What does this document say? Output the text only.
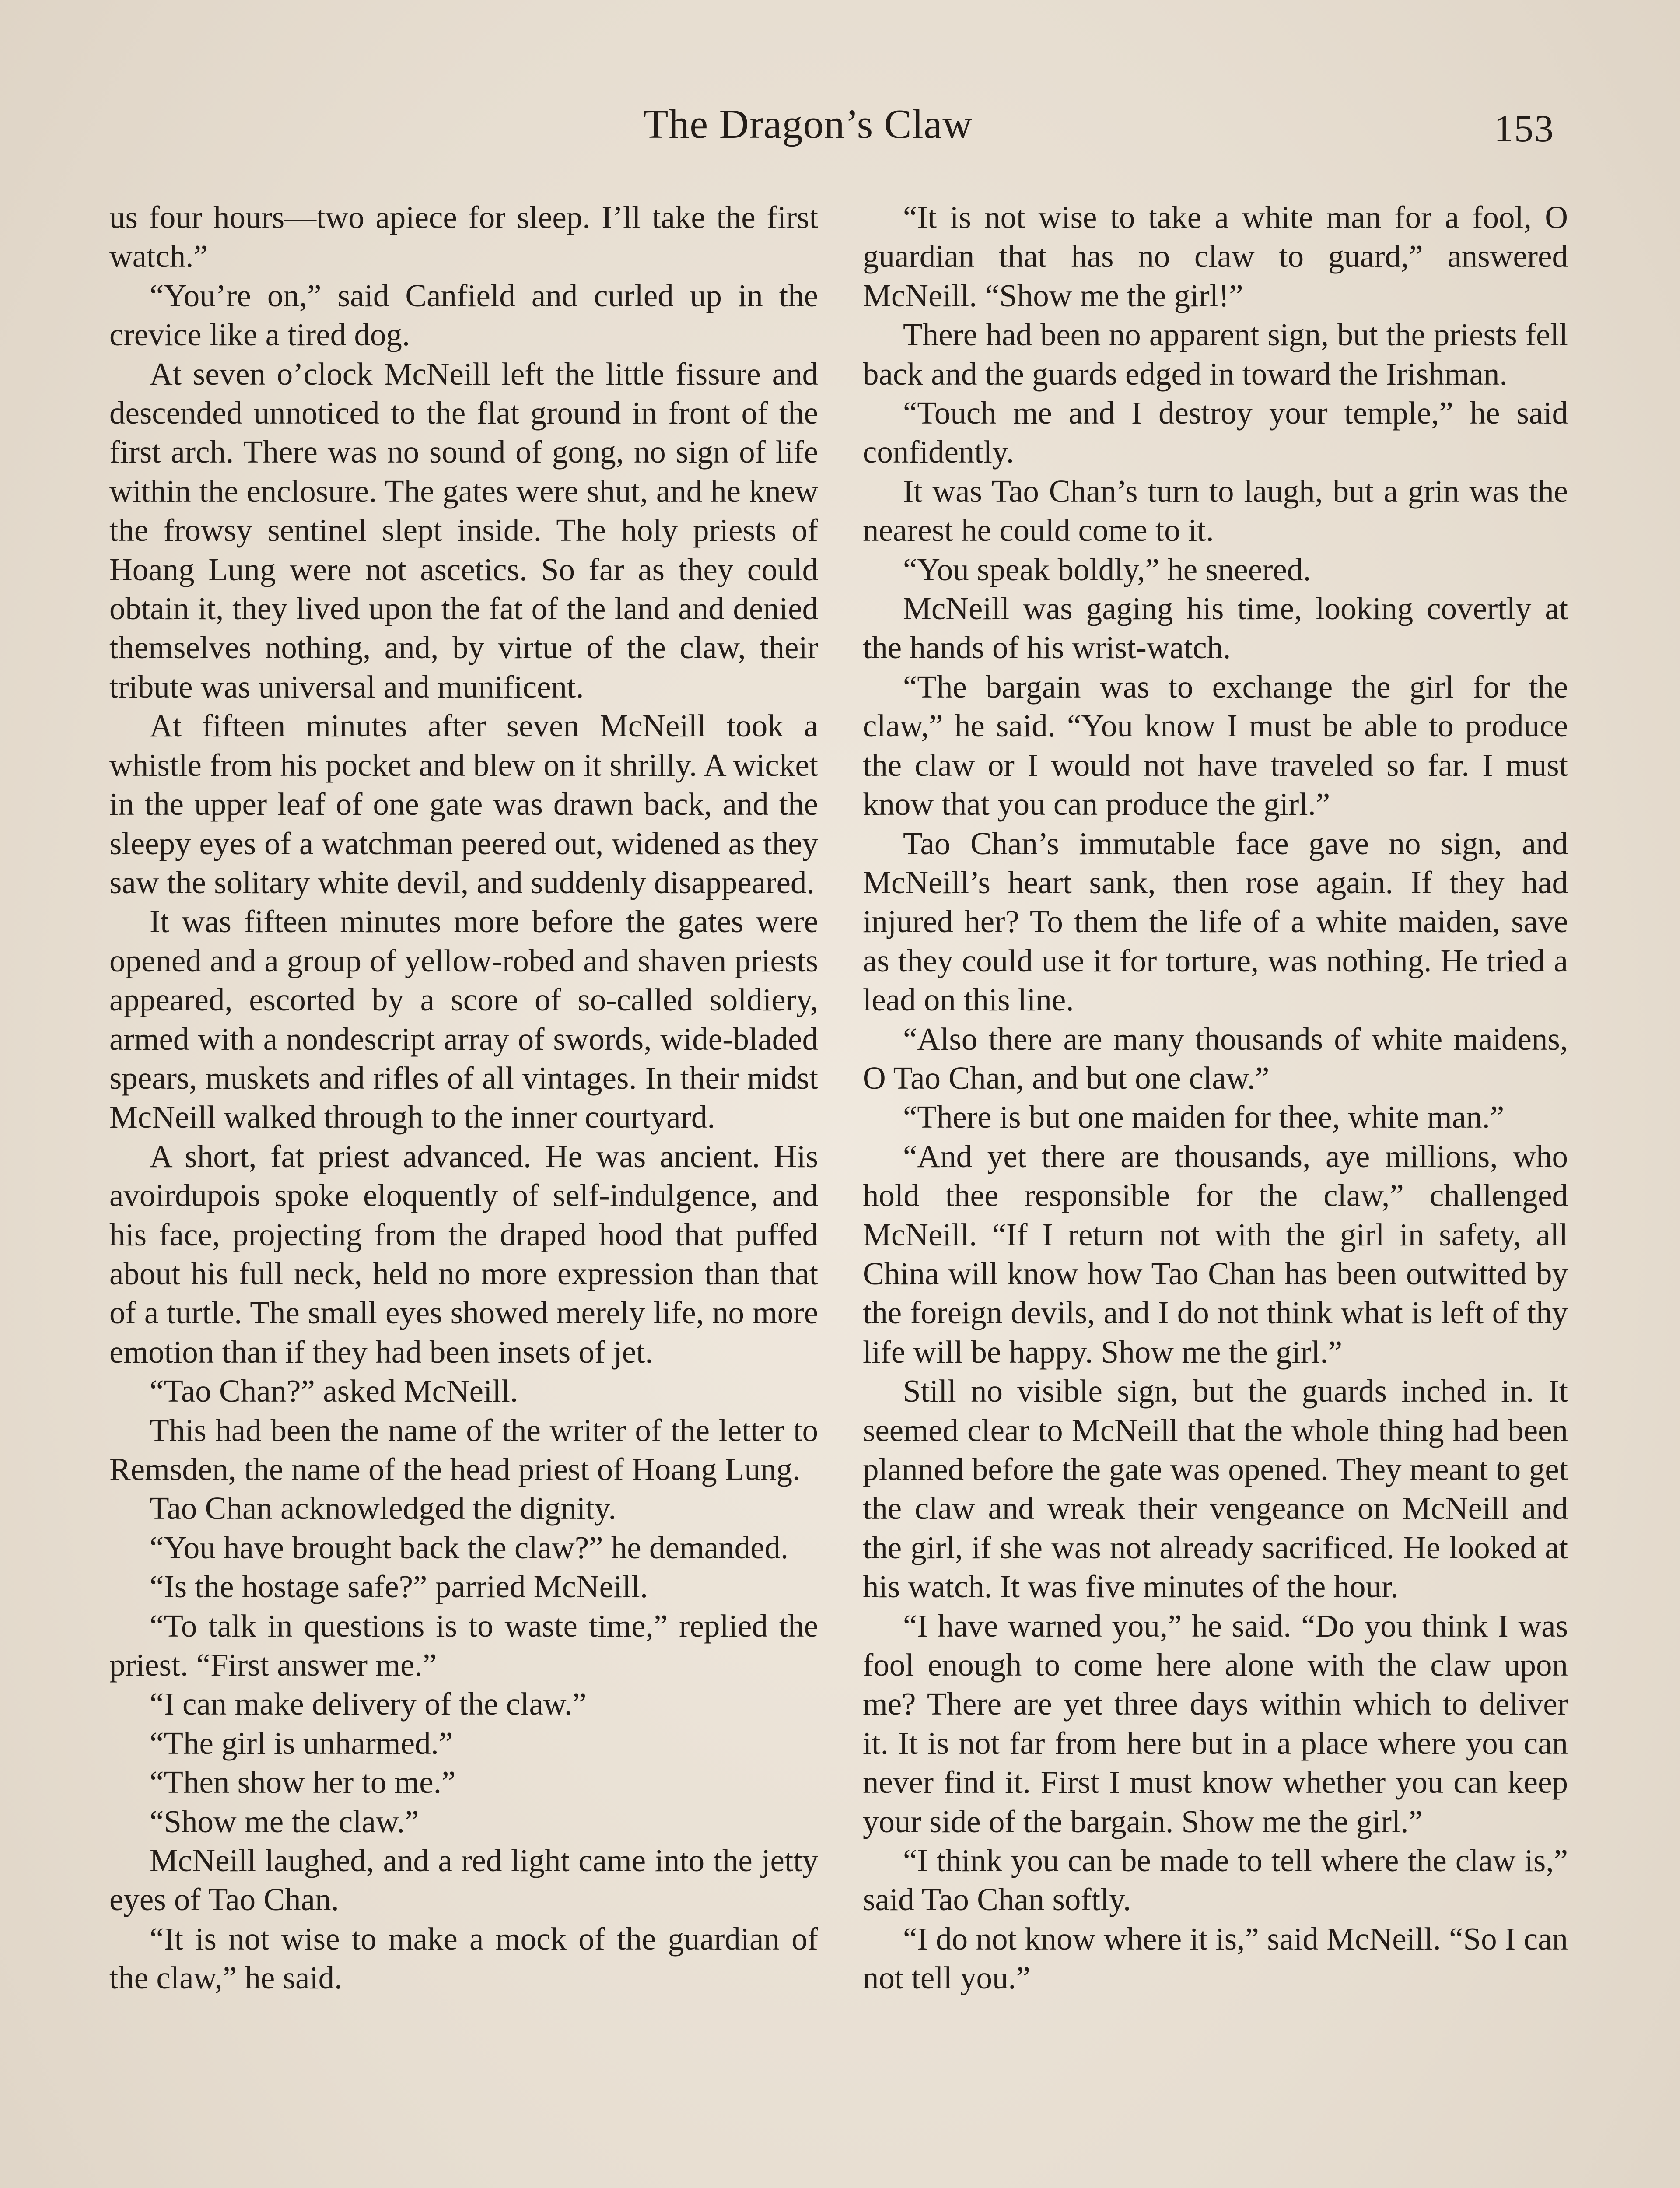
The Dragon’s Claw	153

us four hours—two apiece for sleep. I’ll take the first watch.”

“You’re on,” said Canfield and curled up in the crevice like a tired dog.

At seven o’clock McNeill left the little fissure and descended unnoticed to the flat ground in front of the first arch. There was no sound of gong, no sign of life within the enclosure. The gates were shut, and he knew the frowsy sentinel slept inside. The holy priests of Hoang Lung were not ascetics. So far as they could obtain it, they lived upon the fat of the land and denied themselves nothing, and, by virtue of the claw, their tribute was universal and munificent.

At fifteen minutes after seven McNeill took a whistle from his pocket and blew on it shrilly. A wicket in the upper leaf of one gate was drawn back, and the sleepy eyes of a watchman peered out, widened as they saw the solitary white devil, and suddenly disappeared.

It was fifteen minutes more before the gates were opened and a group of yellow-robed and shaven priests appeared, escorted by a score of so-called soldiery, armed with a nondescript array of swords, wide-bladed spears, muskets and rifles of all vintages. In their midst McNeill walked through to the inner courtyard.

A short, fat priest advanced. He was ancient. His avoirdupois spoke eloquently of self-indulgence, and his face, projecting from the draped hood that puffed about his full neck, held no more expression than that of a turtle. The small eyes showed merely life, no more emotion than if they had been insets of jet.

“Tao Chan?” asked McNeill.

This had been the name of the writer of the letter to Remsden, the name of the head priest of Hoang Lung.

Tao Chan acknowledged the dignity.

“You have brought back the claw?” he demanded.

“Is the hostage safe?” parried McNeill.

“To talk in questions is to waste time,” replied the priest. “First answer me.”

“I can make delivery of the claw.”

“The girl is unharmed.”

“Then show her to me.”

“Show me the claw.”

McNeill laughed, and a red light came into the jetty eyes of Tao Chan.

“It is not wise to make a mock of the guardian of the claw,” he said.

“It is not wise to take a white man for a fool, O guardian that has no claw to guard,” answered McNeill. “Show me the girl!”

There had been no apparent sign, but the priests fell back and the guards edged in toward the Irishman.

“Touch me and I destroy your temple,” he said confidently.

It was Tao Chan’s turn to laugh, but a grin was the nearest he could come to it.

“You speak boldly,” he sneered.

McNeill was gaging his time, looking covertly at the hands of his wrist-watch.

“The bargain was to exchange the girl for the claw,” he said. “You know I must be able to produce the claw or I would not have traveled so far. I must know that you can produce the girl.”

Tao Chan’s immutable face gave no sign, and McNeill’s heart sank, then rose again. If they had injured her? To them the life of a white maiden, save as they could use it for torture, was nothing. He tried a lead on this line.

“Also there are many thousands of white maidens, O Tao Chan, and but one claw.”

“There is but one maiden for thee, white man.”

“And yet there are thousands, aye millions, who hold thee responsible for the claw,” challenged McNeill. “If I return not with the girl in safety, all China will know how Tao Chan has been outwitted by the foreign devils, and I do not think what is left of thy life will be happy. Show me the girl.”

Still no visible sign, but the guards inched in. It seemed clear to McNeill that the whole thing had been planned before the gate was opened. They meant to get the claw and wreak their vengeance on McNeill and the girl, if she was not already sacrificed. He looked at his watch. It was five minutes of the hour.

“I have warned you,” he said. “Do you think I was fool enough to come here alone with the claw upon me? There are yet three days within which to deliver it. It is not far from here but in a place where you can never find it. First I must know whether you can keep your side of the bargain. Show me the girl.”

“I think you can be made to tell where the claw is,” said Tao Chan softly.

“I do not know where it is,” said McNeill. “So I can not tell you.”
